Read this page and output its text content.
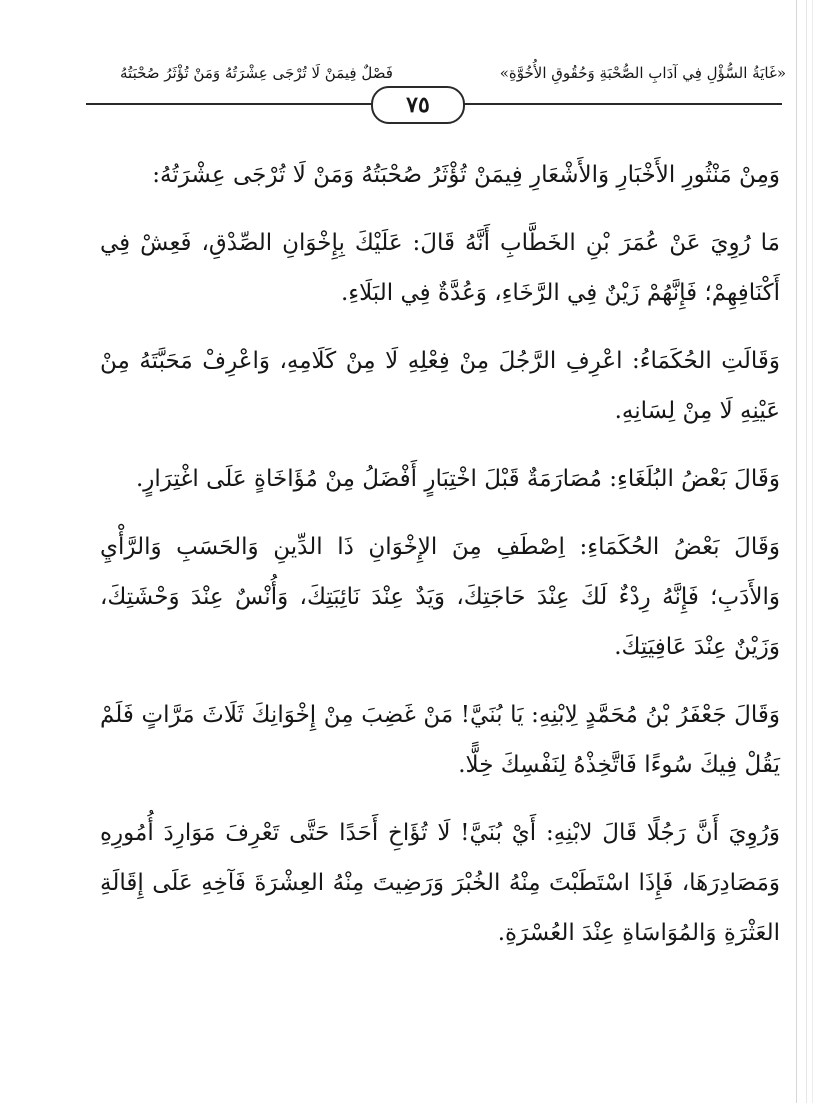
«غَايَةُ السُّؤْلِ فِي آدَابِ الصُّحْبَةِ وَحُقُوقِ الأُخُوَّةِ»
فَصْلٌ فِيمَنْ لَا تُرْجَى عِشْرَتُهُ وَمَنْ تُؤْثَرُ صُحْبَتُهُ
٧٥

وَمِنْ مَنْثُورِ الأَخْبَارِ وَالأَشْعَارِ فِيمَنْ تُؤْثَرُ صُحْبَتُهُ وَمَنْ لَا تُرْجَى عِشْرَتُهُ:

مَا رُوِيَ عَنْ عُمَرَ بْنِ الخَطَّابِ أَنَّهُ قَالَ: عَلَيْكَ بِإِخْوَانِ الصِّدْقِ، فَعِشْ فِي أَكْنَافِهِمْ؛ فَإِنَّهُمْ زَيْنٌ فِي الرَّخَاءِ، وَعُدَّةٌ فِي البَلَاءِ.

وَقَالَتِ الحُكَمَاءُ: اعْرِفِ الرَّجُلَ مِنْ فِعْلِهِ لَا مِنْ كَلَامِهِ، وَاعْرِفْ مَحَبَّتَهُ مِنْ عَيْنِهِ لَا مِنْ لِسَانِهِ.

وَقَالَ بَعْضُ البُلَغَاءِ: مُصَارَمَةٌ قَبْلَ اخْتِبَارٍ أَفْضَلُ مِنْ مُؤَاخَاةٍ عَلَى اغْتِرَارٍ.

وَقَالَ بَعْضُ الحُكَمَاءِ: اِصْطَفِ مِنَ الإِخْوَانِ ذَا الدِّينِ وَالحَسَبِ وَالرَّأْيِ وَالأَدَبِ؛ فَإِنَّهُ رِدْءٌ لَكَ عِنْدَ حَاجَتِكَ، وَيَدٌ عِنْدَ نَائِبَتِكَ، وَأُنْسٌ عِنْدَ وَحْشَتِكَ، وَزَيْنٌ عِنْدَ عَافِيَتِكَ.

وَقَالَ جَعْفَرُ بْنُ مُحَمَّدٍ لِابْنِهِ: يَا بُنَيَّ! مَنْ غَضِبَ مِنْ إِخْوَانِكَ ثَلَاثَ مَرَّاتٍ فَلَمْ يَقُلْ فِيكَ سُوءًا فَاتَّخِذْهُ لِنَفْسِكَ خِلًّا.

وَرُوِيَ أَنَّ رَجُلًا قَالَ لابْنِهِ: أَيْ بُنَيَّ! لَا تُؤَاخِ أَحَدًا حَتَّى تَعْرِفَ مَوَارِدَ أُمُورِهِ وَمَصَادِرَهَا، فَإِذَا اسْتَطَبْتَ مِنْهُ الخُبْرَ وَرَضِيتَ مِنْهُ العِشْرَةَ فَآخِهِ عَلَى إِقَالَةِ العَثْرَةِ وَالمُوَاسَاةِ عِنْدَ العُسْرَةِ.
